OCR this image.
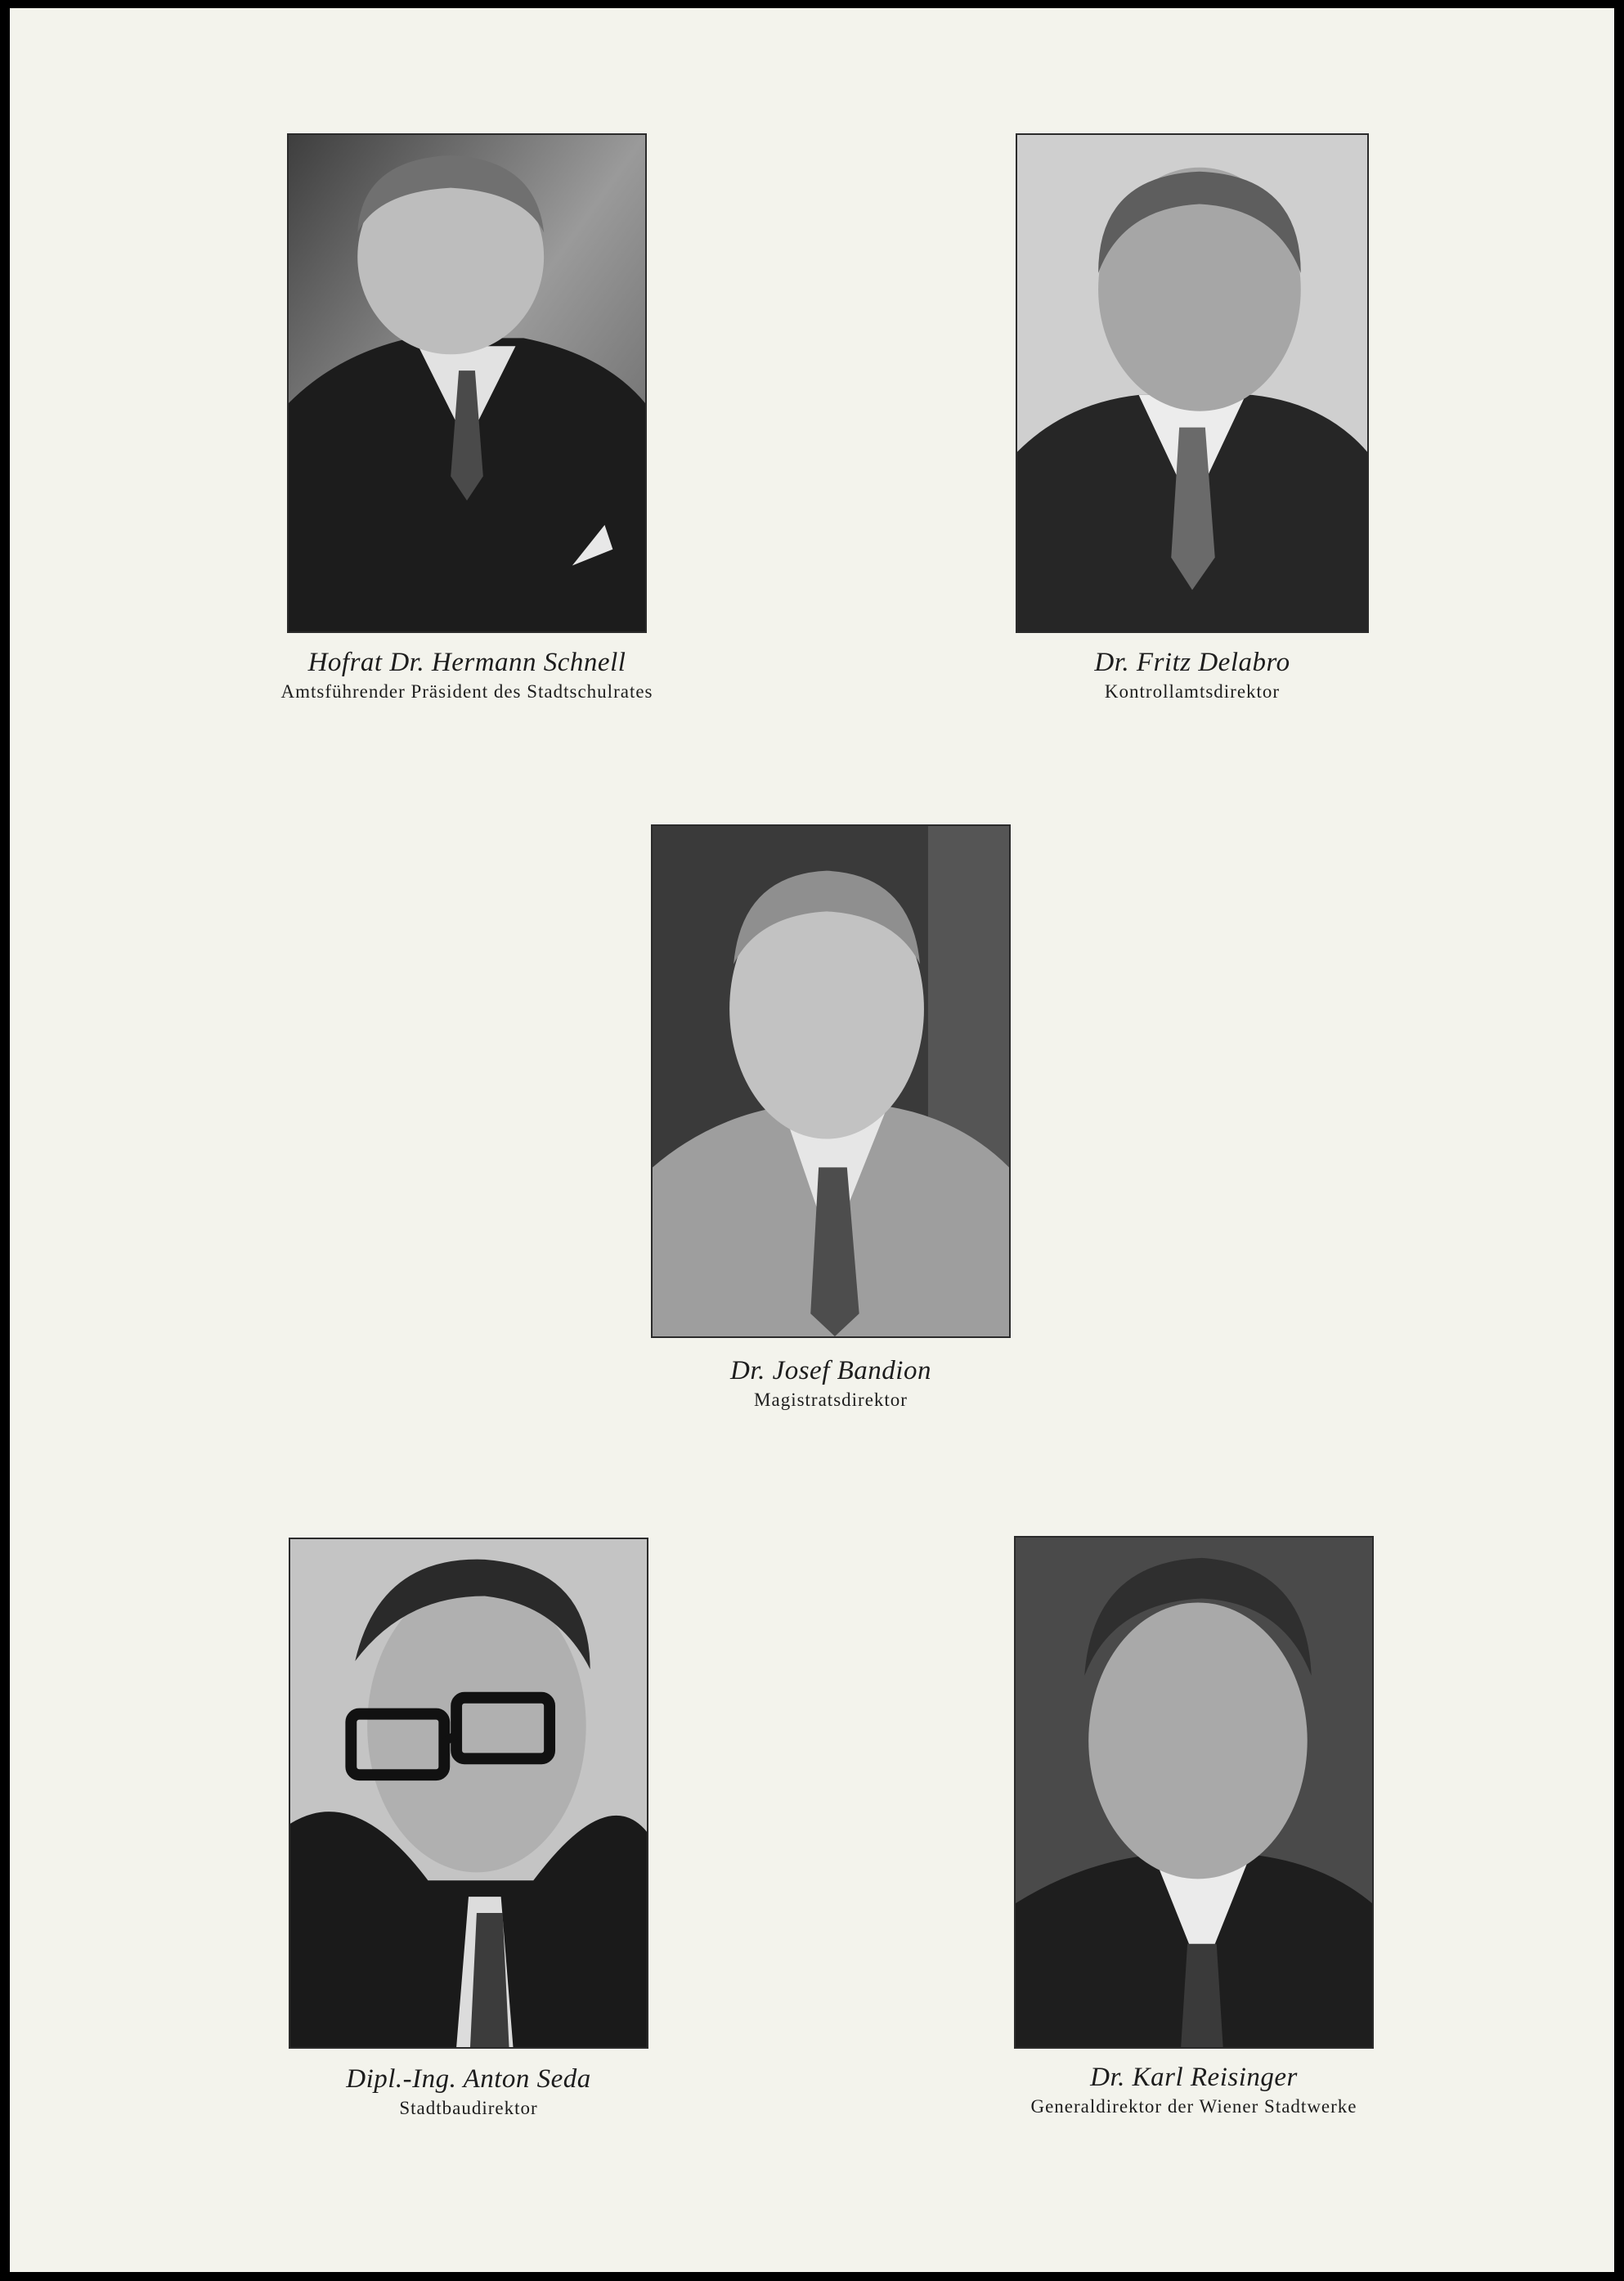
Hofrat Dr. Hermann Schnell
Amtsführender Präsident des Stadtschulrates
Dr. Fritz Delabro
Kontrollamtsdirektor
Dr. Josef Bandion
Magistratsdirektor
Dipl.-Ing. Anton Seda
Stadtbaudirektor
Dr. Karl Reisinger
Generaldirektor der Wiener Stadtwerke
